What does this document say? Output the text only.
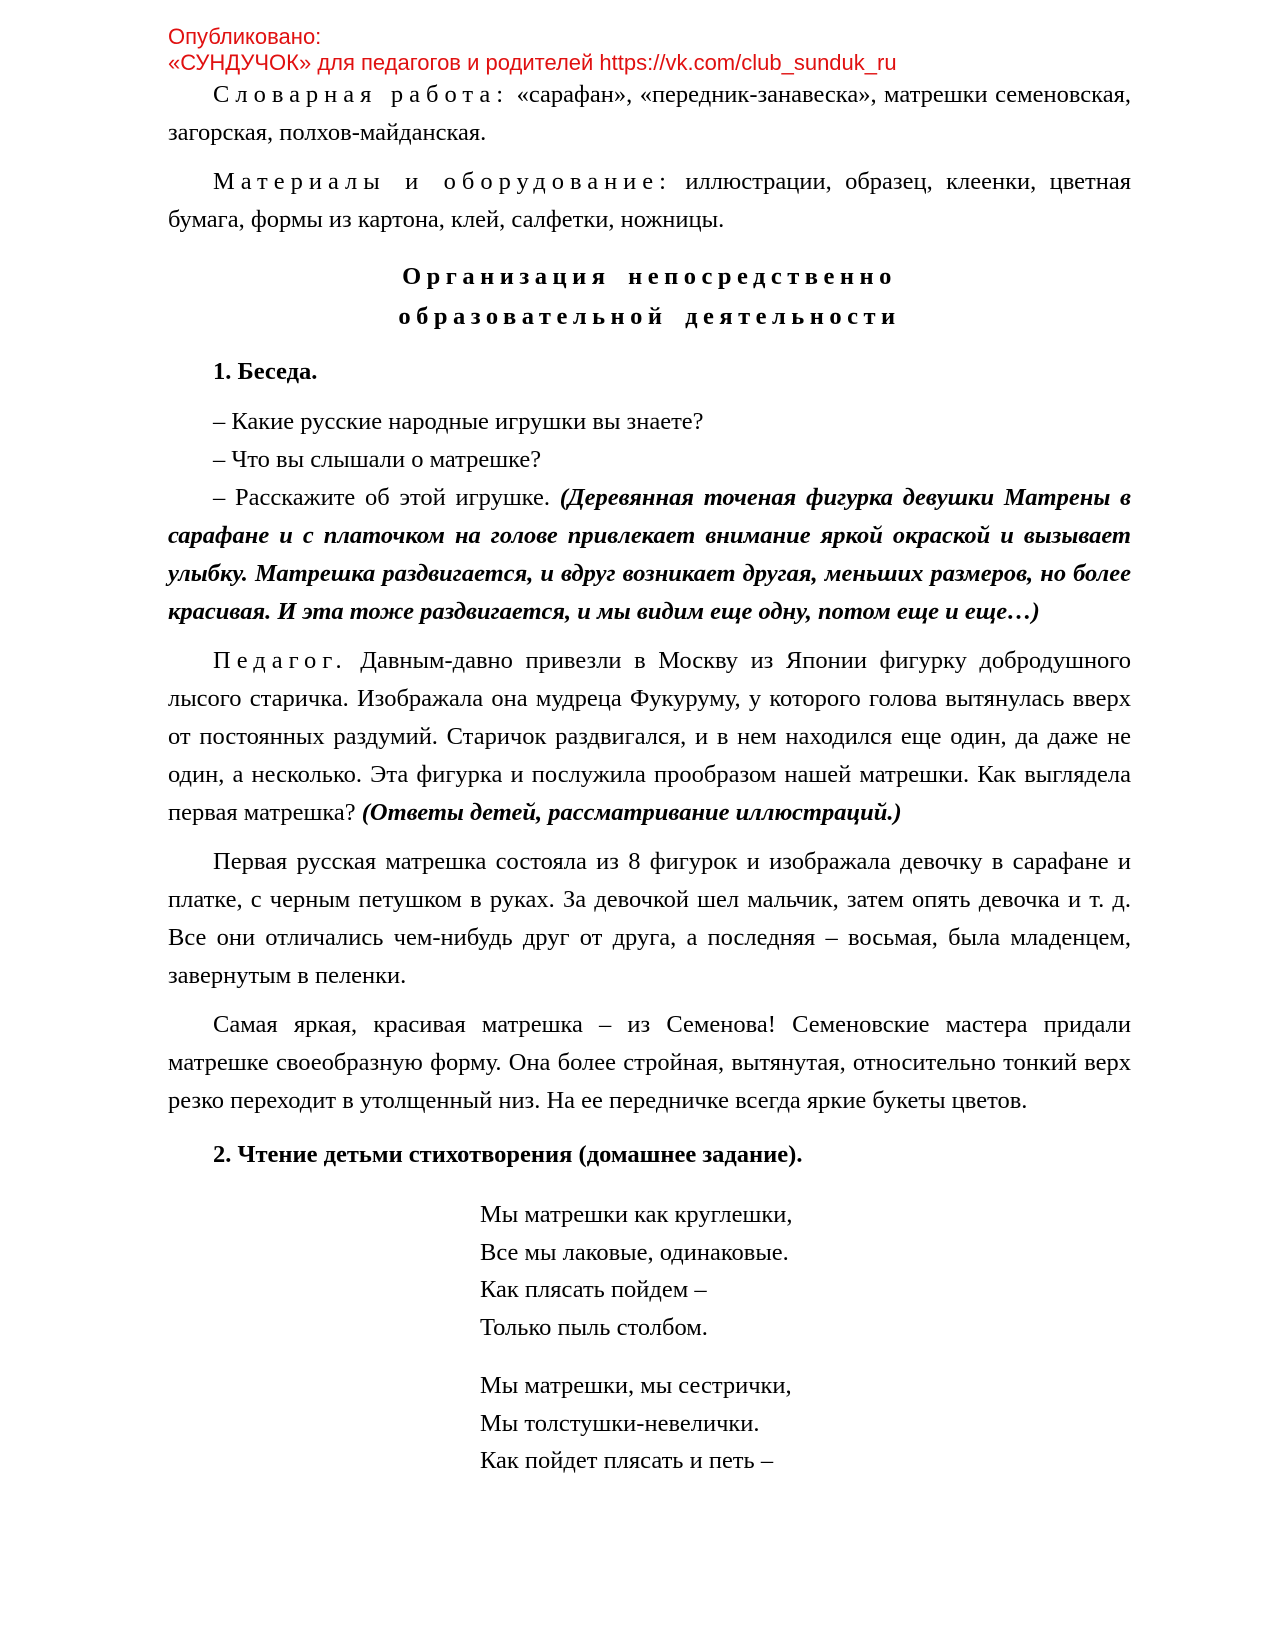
Опубликовано:

«СУНДУЧОК» для педагогов и родителей https://vk.com/club_sunduk_ru

Словарная работа: «сарафан», «передник-занавеска», матрешки семеновская, загорская, полхов-майданская.

Материалы и оборудование: иллюстрации, образец, клеенки, цветная бумага, формы из картона, клей, салфетки, ножницы.

Организация непосредственно
образовательной деятельности

1. Беседа.

– Какие русские народные игрушки вы знаете?

– Что вы слышали о матрешке?

– Расскажите об этой игрушке. (Деревянная точеная фигурка девушки Матрены в сарафане и с платочком на голове привлекает внимание яркой окраской и вызывает улыбку. Матрешка раздвигается, и вдруг возникает другая, меньших размеров, но более красивая. И эта тоже раздвигается, и мы видим еще одну, потом еще и еще…)

Педагог. Давным-давно привезли в Москву из Японии фигурку добродушного лысого старичка. Изображала она мудреца Фукуруму, у которого голова вытянулась вверх от постоянных раздумий. Старичок раздвигался, и в нем находился еще один, да даже не один, а несколько. Эта фигурка и послужила прообразом нашей матрешки. Как выглядела первая матрешка? (Ответы детей, рассматривание иллюстраций.)

Первая русская матрешка состояла из 8 фигурок и изображала девочку в сарафане и платке, с черным петушком в руках. За девочкой шел мальчик, затем опять девочка и т. д. Все они отличались чем-нибудь друг от друга, а последняя – восьмая, была младенцем, завернутым в пеленки.

Самая яркая, красивая матрешка – из Семенова! Семеновские мастера придали матрешке своеобразную форму. Она более стройная, вытянутая, относительно тонкий верх резко переходит в утолщенный низ. На ее передничке всегда яркие букеты цветов.

2. Чтение детьми стихотворения (домашнее задание).

Мы матрешки как круглешки,

Все мы лаковые, одинаковые.

Как плясать пойдем –

Только пыль столбом.

Мы матрешки, мы сестрички,

Мы толстушки-невелички.

Как пойдет плясать и петь –
